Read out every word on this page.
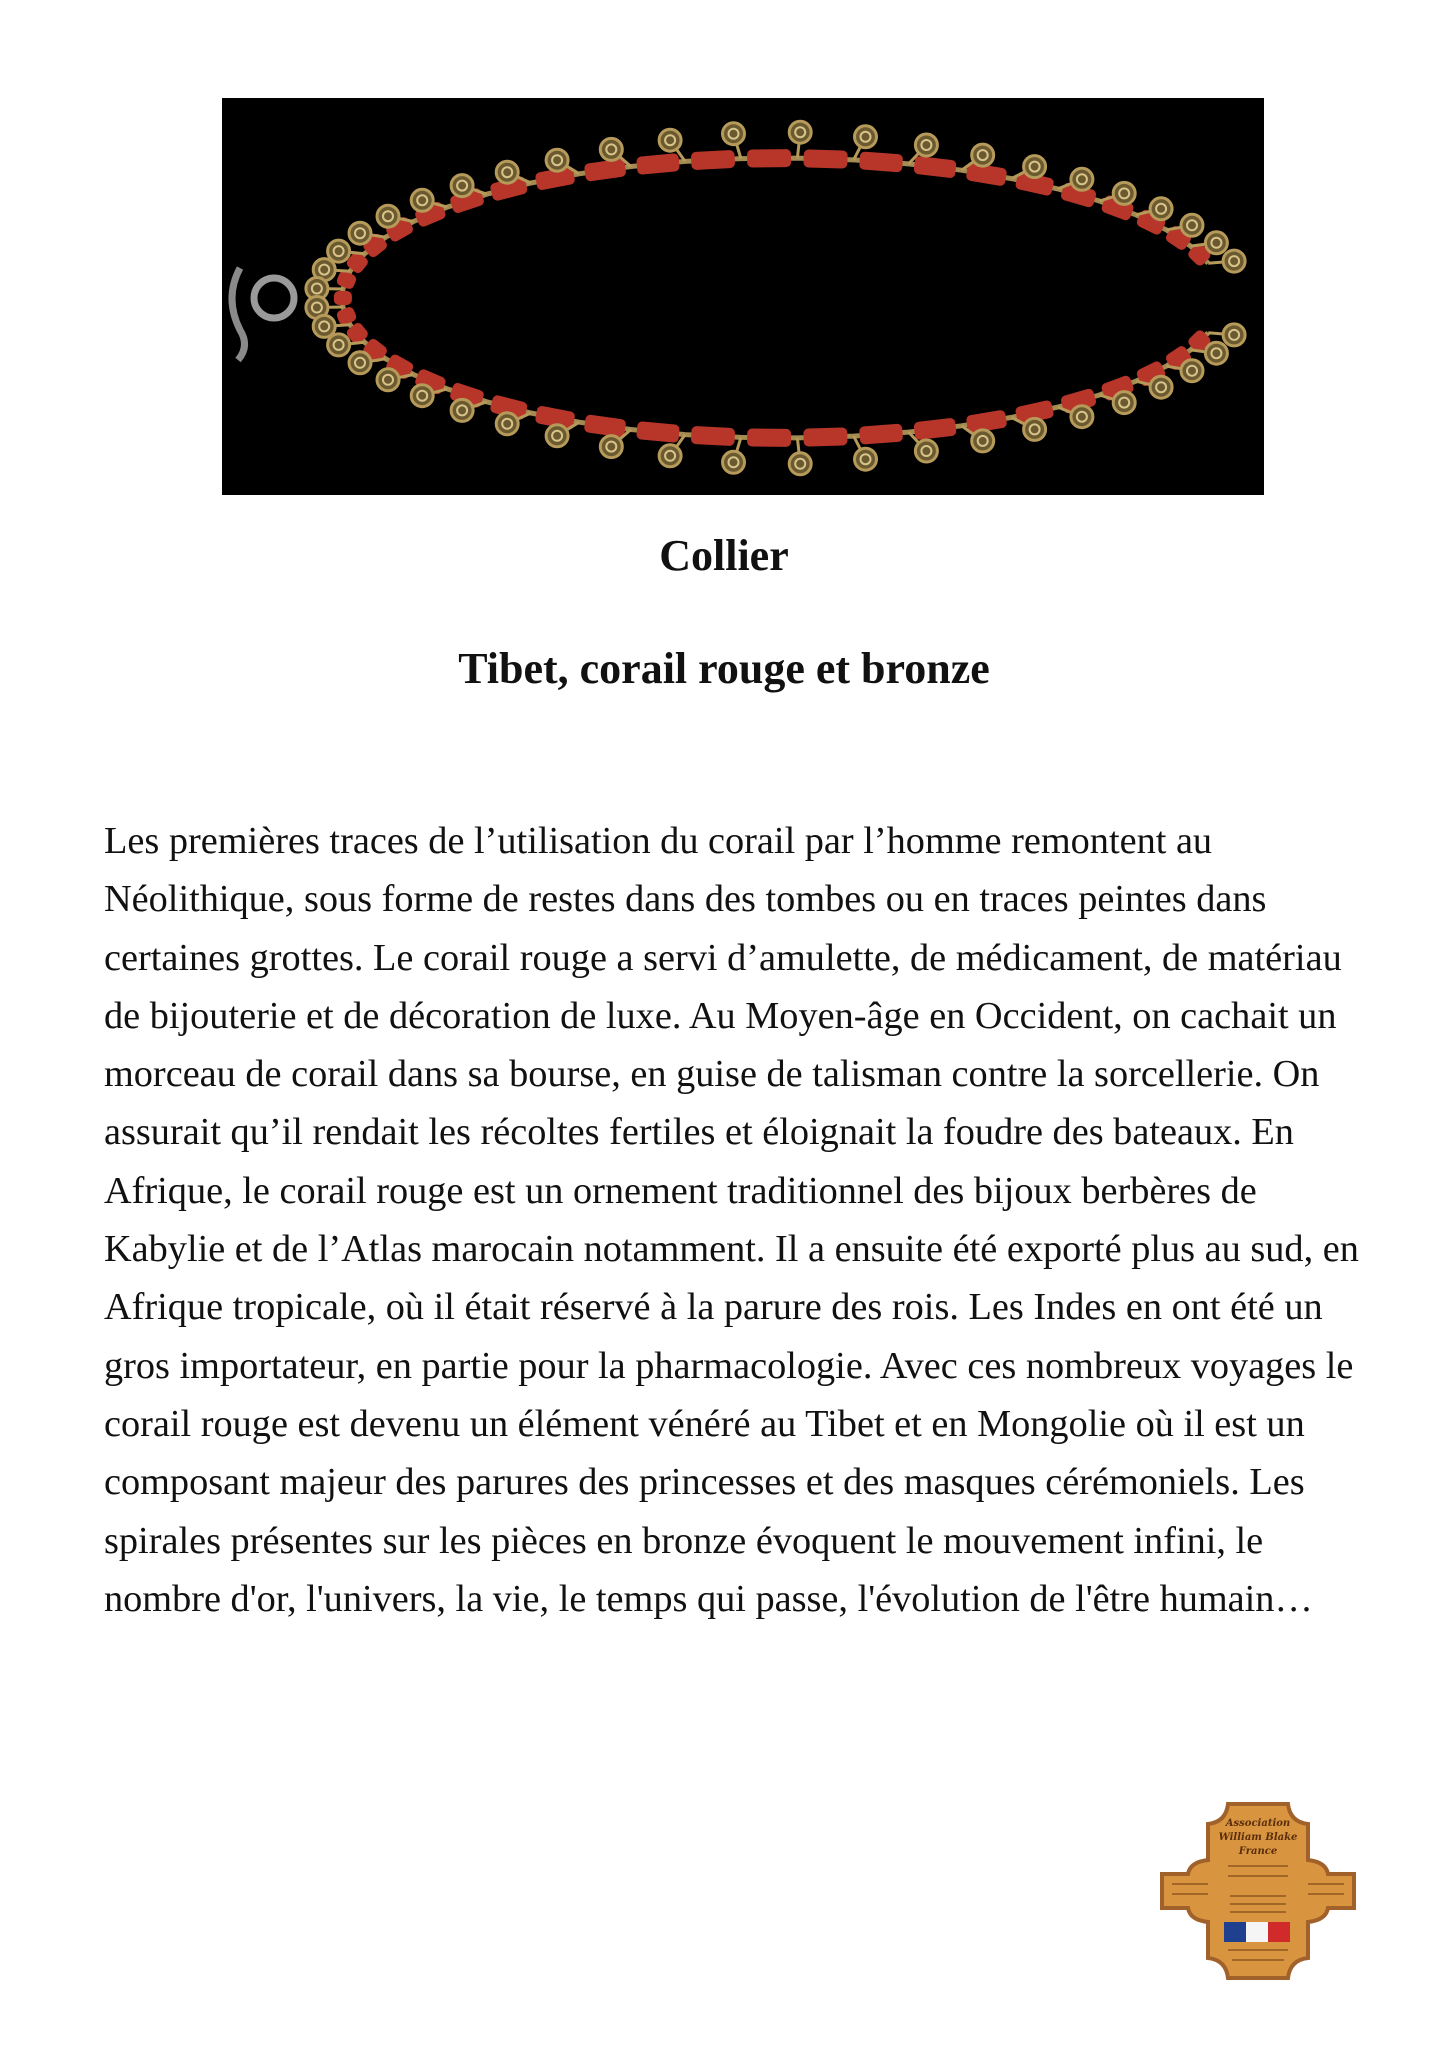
Collier
Tibet, corail rouge et bronze

Les premières traces de l’utilisation du corail par l’homme remontent au Néolithique, sous forme de restes dans des tombes ou en traces peintes dans certaines grottes. Le corail rouge a servi d’amulette, de médicament, de matériau de bijouterie et de décoration de luxe. Au Moyen-âge en Occident, on cachait un morceau de corail dans sa bourse, en guise de talisman contre la sorcellerie. On assurait qu’il rendait les récoltes fertiles et éloignait la foudre des bateaux. En Afrique, le corail rouge est un ornement traditionnel des bijoux berbères de Kabylie et de l’Atlas marocain notamment. Il a ensuite été exporté plus au sud, en Afrique tropicale, où il était réservé à la parure des rois. Les Indes en ont été un gros importateur, en partie pour la pharmacologie. Avec ces nombreux voyages le corail rouge est devenu un élément vénéré au Tibet et en Mongolie où il est un composant majeur des parures des princesses et des masques cérémoniels. Les spirales présentes sur les pièces en bronze évoquent le mouvement infini, le nombre d'or, l'univers, la vie, le temps qui passe, l'évolution de l'être humain…

Association
William Blake
France
